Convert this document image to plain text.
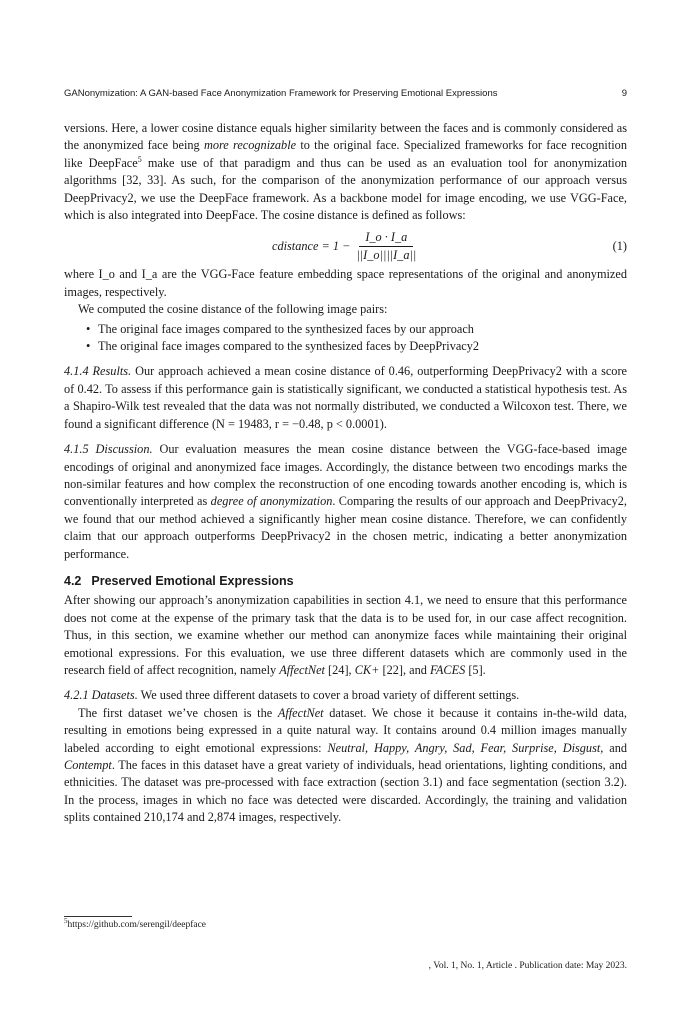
GANonymization: A GAN-based Face Anonymization Framework for Preserving Emotional Expressions	9

versions. Here, a lower cosine distance equals higher similarity between the faces and is commonly considered as the anonymized face being more recognizable to the original face. Specialized frameworks for face recognition like DeepFace$^5$ make use of that paradigm and thus can be used as an evaluation tool for anonymization algorithms [32, 33]. As such, for the comparison of the anonymization performance of our approach versus DeepPrivacy2, we use the DeepFace framework. As a backbone model for image encoding, we use VGG-Face, which is also integrated into DeepFace. The cosine distance is defined as follows:

cdistance = $1 - \frac{I\_o \cdot I\_a}{||I\_o||||I\_a||}$	(1)

where I_o and I_a are the VGG-Face feature embedding space representations of the original and anonymized images, respectively.

We computed the cosine distance of the following image pairs:

• The original face images compared to the synthesized faces by our approach
• The original face images compared to the synthesized faces by DeepPrivacy2

4.1.4 Results. Our approach achieved a mean cosine distance of 0.46, outperforming DeepPrivacy2 with a score of 0.42. To assess if this performance gain is statistically significant, we conducted a statistical hypothesis test. As a Shapiro-Wilk test revealed that the data was not normally distributed, we conducted a Wilcoxon test. There, we found a significant difference (N = 19483, r = −0.48, p < 0.0001).

4.1.5 Discussion. Our evaluation measures the mean cosine distance between the VGG-face-based image encodings of original and anonymized face images. Accordingly, the distance between two encodings marks the non-similar features and how complex the reconstruction of one encoding towards another encoding is, which is conventionally interpreted as degree of anonymization. Comparing the results of our approach and DeepPrivacy2, we found that our method achieved a significantly higher mean cosine distance. Therefore, we can confidently claim that our approach outperforms DeepPrivacy2 in the chosen metric, indicating a better anonymization performance.

4.2 Preserved Emotional Expressions

After showing our approach’s anonymization capabilities in section 4.1, we need to ensure that this performance does not come at the expense of the primary task that the data is to be used for, in our case affect recognition. Thus, in this section, we examine whether our method can anonymize faces while maintaining their original emotional expressions. For this evaluation, we use three different datasets which are commonly used in the research field of affect recognition, namely AffectNet [24], CK+ [22], and FACES [5].

4.2.1 Datasets. We used three different datasets to cover a broad variety of different settings.

The first dataset we’ve chosen is the AffectNet dataset. We chose it because it contains in-the-wild data, resulting in emotions being expressed in a quite natural way. It contains around 0.4 million images manually labeled according to eight emotional expressions: Neutral, Happy, Angry, Sad, Fear, Surprise, Disgust, and Contempt. The faces in this dataset have a great variety of individuals, head orientations, lighting conditions, and ethnicities. The dataset was pre-processed with face extraction (section 3.1) and face segmentation (section 3.2). In the process, images in which no face was detected were discarded. Accordingly, the training and validation splits contained 210,174 and 2,874 images, respectively.

$^5$https://github.com/serengil/deepface
, Vol. 1, No. 1, Article . Publication date: May 2023.
